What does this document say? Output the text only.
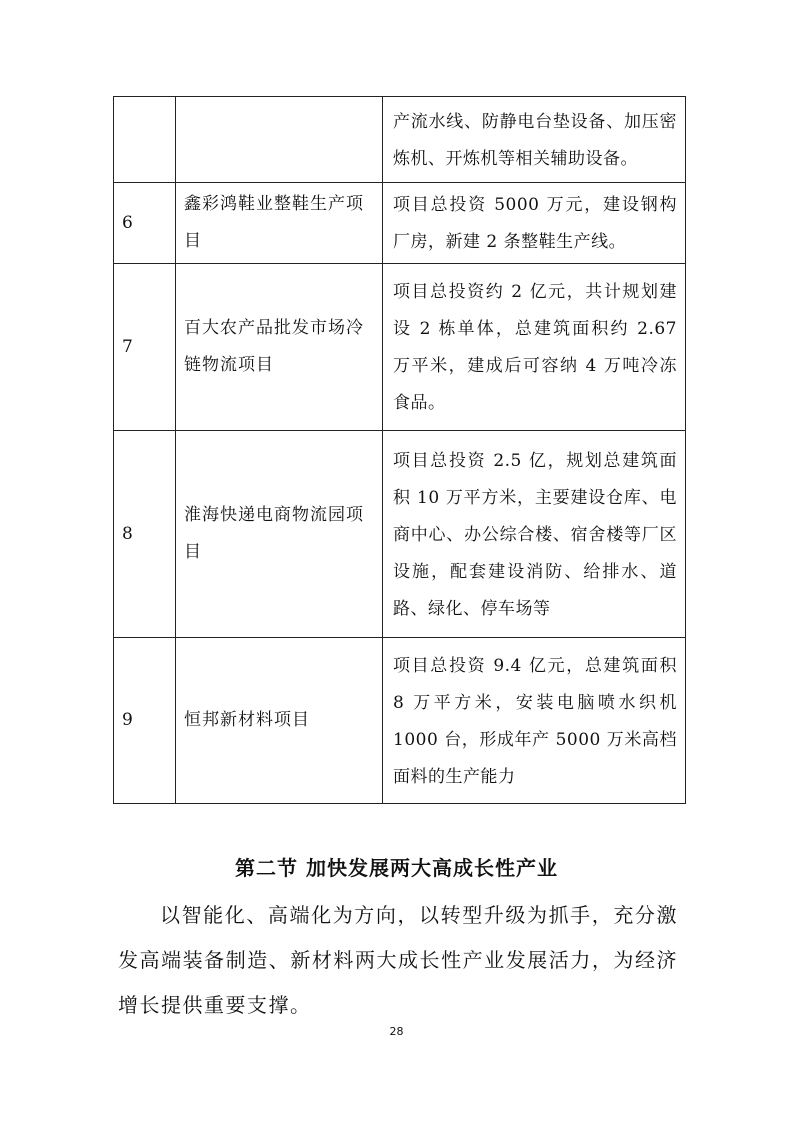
		产流水线、防静电台垫设备、加压密炼机、开炼机等相关辅助设备。

6	鑫彩鸿鞋业整鞋生产项目	项目总投资 5000 万元，建设钢构厂房，新建 2 条整鞋生产线。

7	百大农产品批发市场冷链物流项目	项目总投资约 2 亿元，共计规划建设 2 栋单体，总建筑面积约 2.67 万平米，建成后可容纳 4 万吨冷冻食品。

8	淮海快递电商物流园项目	项目总投资 2.5 亿，规划总建筑面积 10 万平方米，主要建设仓库、电商中心、办公综合楼、宿舍楼等厂区设施，配套建设消防、给排水、道路、绿化、停车场等

9	恒邦新材料项目	项目总投资 9.4 亿元，总建筑面积 8 万平方米，安装电脑喷水织机 1000 台，形成年产 5000 万米高档面料的生产能力
第二节 加快发展两大高成长性产业

以智能化、高端化为方向，以转型升级为抓手，充分激发高端装备制造、新材料两大成长性产业发展活力，为经济增长提供重要支撑。

28
